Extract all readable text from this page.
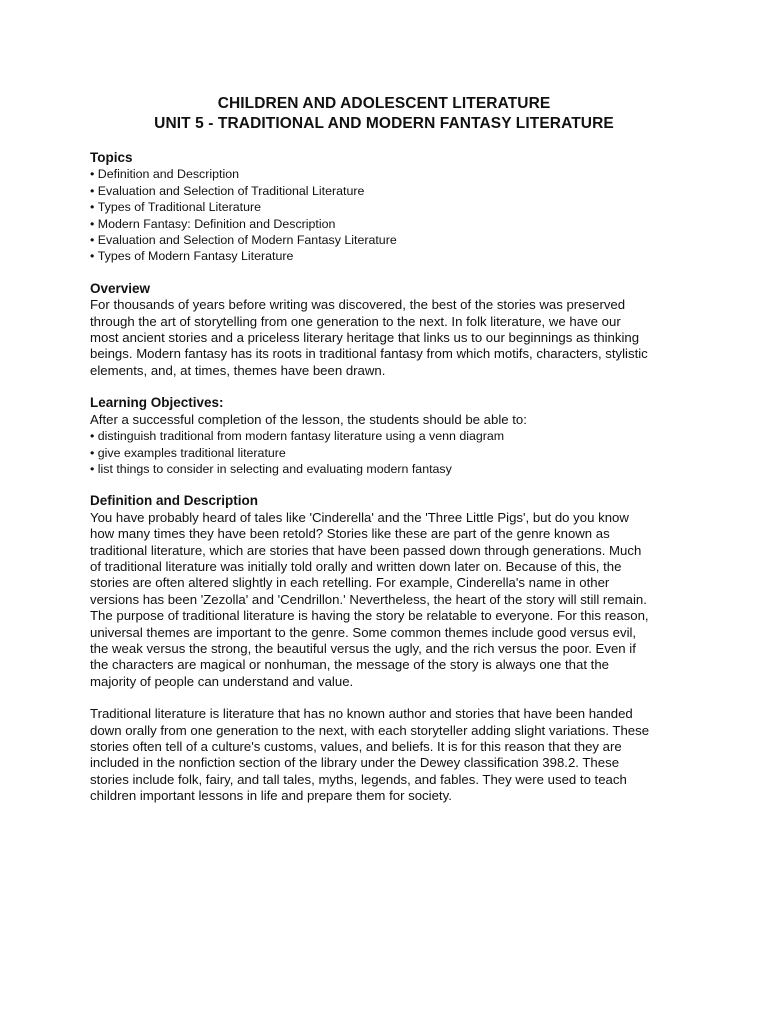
CHILDREN AND ADOLESCENT LITERATURE
UNIT 5 - TRADITIONAL AND MODERN FANTASY LITERATURE
Topics
• Definition and Description
• Evaluation and Selection of Traditional Literature
• Types of Traditional Literature
• Modern Fantasy: Definition and Description
• Evaluation and Selection of Modern Fantasy Literature
• Types of Modern Fantasy Literature
Overview
For thousands of years before writing was discovered, the best of the stories was preserved
through the art of storytelling from one generation to the next. In folk literature, we have our
most ancient stories and a priceless literary heritage that links us to our beginnings as thinking
beings. Modern fantasy has its roots in traditional fantasy from which motifs, characters, stylistic
elements, and, at times, themes have been drawn.
Learning Objectives:
After a successful completion of the lesson, the students should be able to:
• distinguish traditional from modern fantasy literature using a venn diagram
• give examples traditional literature
• list things to consider in selecting and evaluating modern fantasy
Definition and Description
You have probably heard of tales like 'Cinderella' and the 'Three Little Pigs', but do you know
how many times they have been retold? Stories like these are part of the genre known as
traditional literature, which are stories that have been passed down through generations. Much
of traditional literature was initially told orally and written down later on. Because of this, the
stories are often altered slightly in each retelling. For example, Cinderella's name in other
versions has been 'Zezolla' and 'Cendrillon.' Nevertheless, the heart of the story will still remain.
The purpose of traditional literature is having the story be relatable to everyone. For this reason,
universal themes are important to the genre. Some common themes include good versus evil,
the weak versus the strong, the beautiful versus the ugly, and the rich versus the poor. Even if
the characters are magical or nonhuman, the message of the story is always one that the
majority of people can understand and value.
Traditional literature is literature that has no known author and stories that have been handed
down orally from one generation to the next, with each storyteller adding slight variations. These
stories often tell of a culture's customs, values, and beliefs. It is for this reason that they are
included in the nonfiction section of the library under the Dewey classification 398.2. These
stories include folk, fairy, and tall tales, myths, legends, and fables. They were used to teach
children important lessons in life and prepare them for society.
